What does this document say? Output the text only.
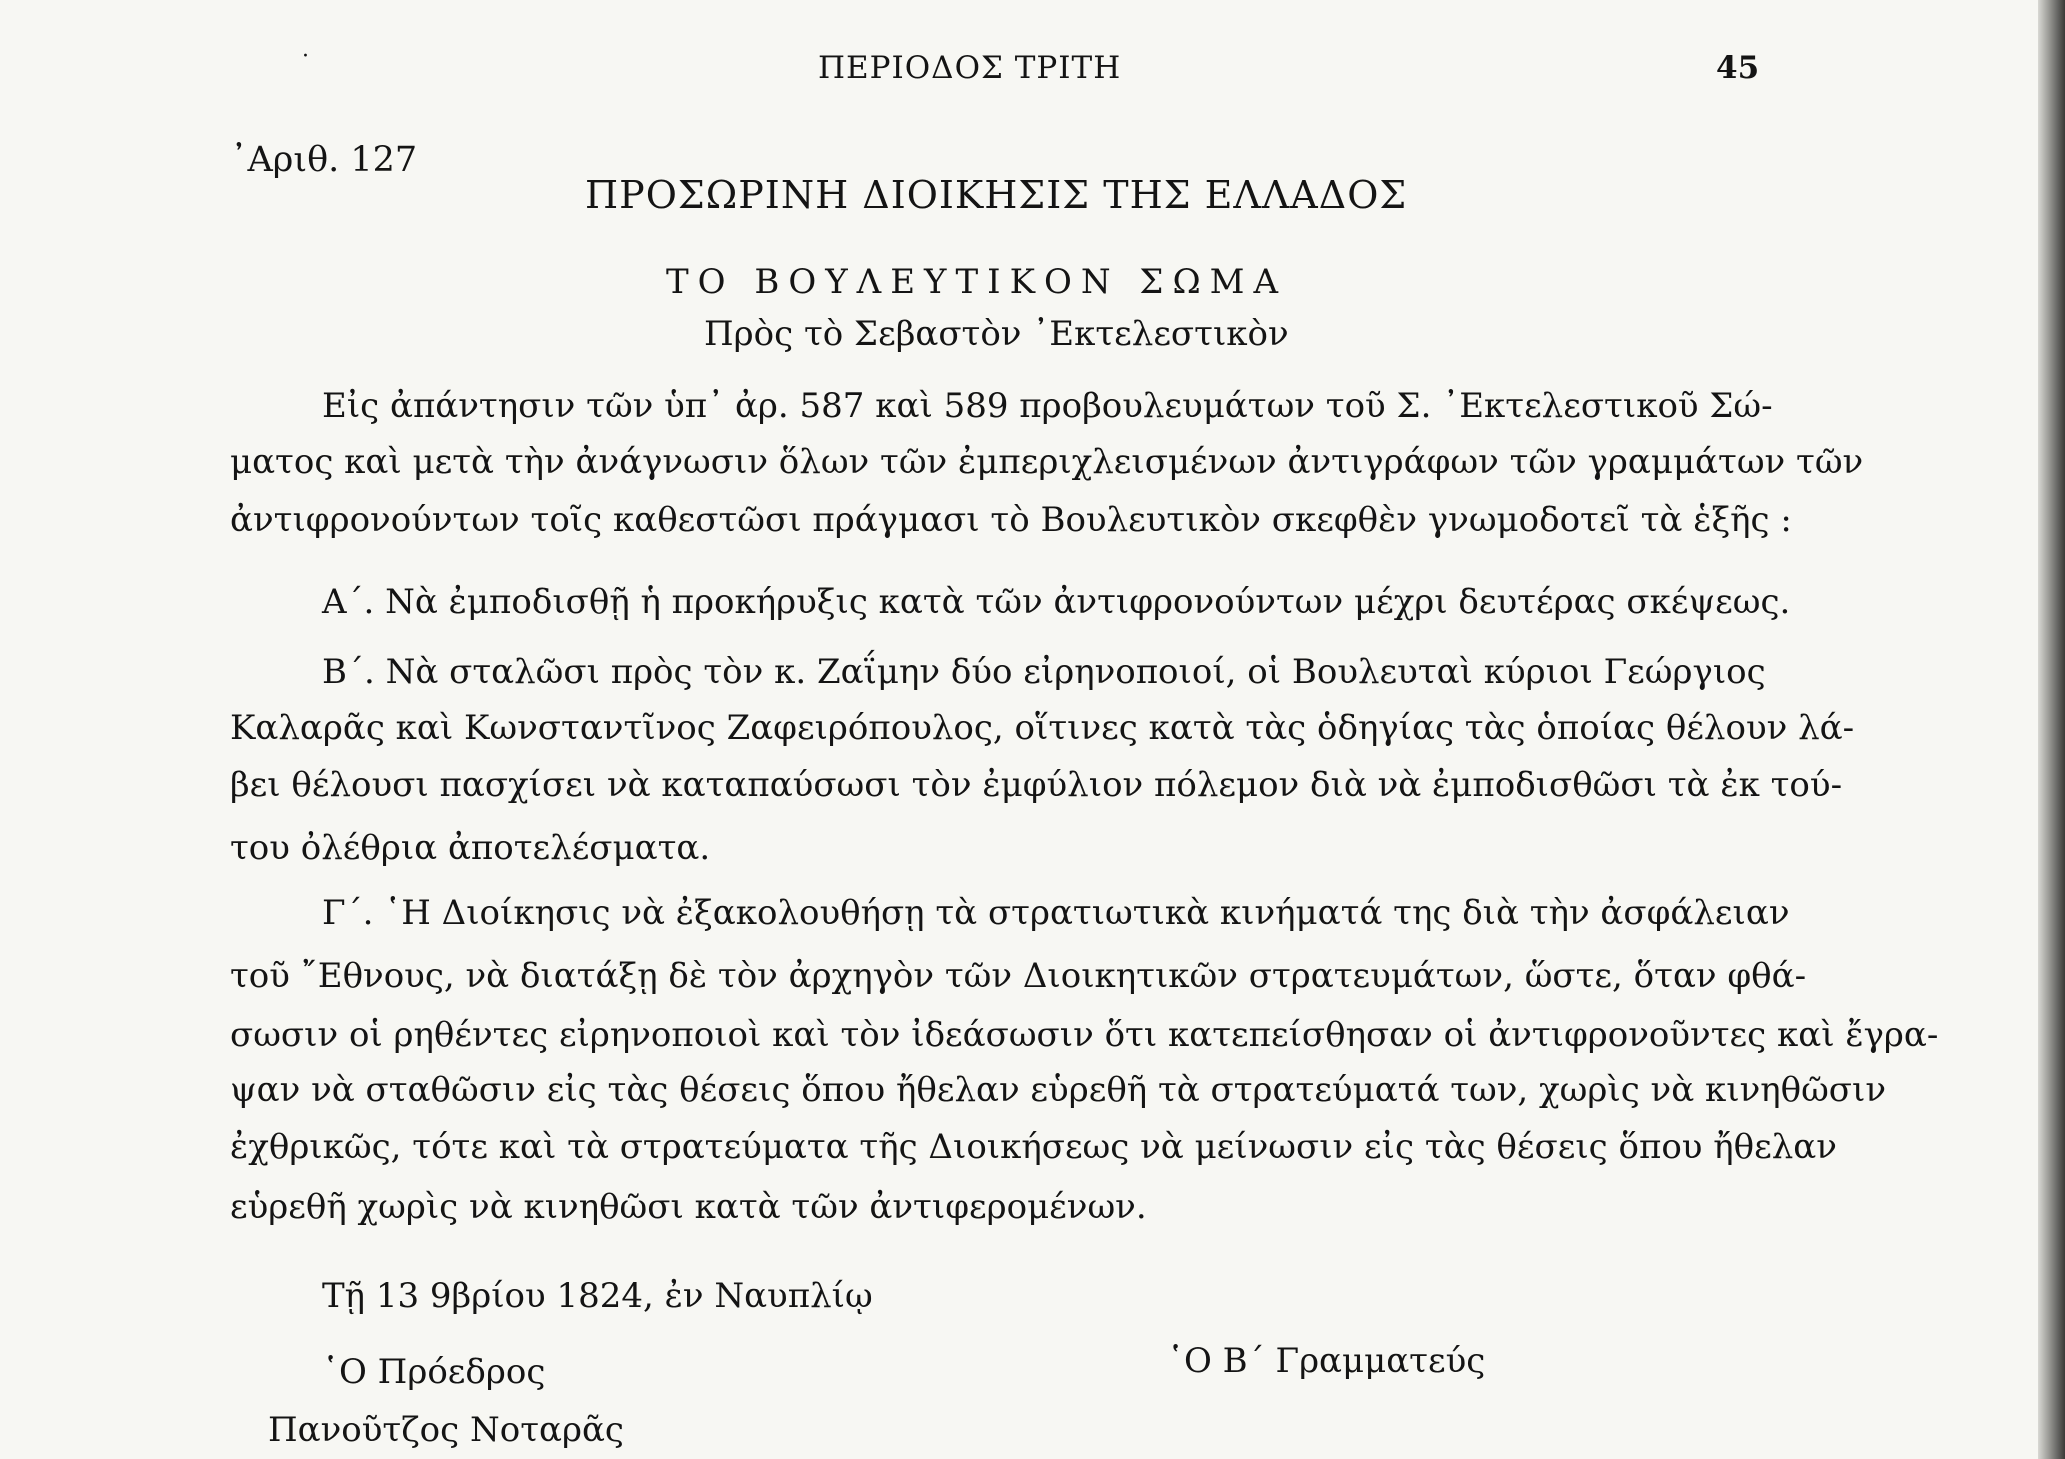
·	ΠΕΡΙΟΔΟΣ ΤΡΙΤΗ	45
᾿Αριθ. 127
ΠΡΟΣΩΡΙΝΗ ΔΙΟΙΚΗΣΙΣ ΤΗΣ ΕΛΛΑΔΟΣ
ΤΟ ΒΟΥΛΕΥΤΙΚΟΝ ΣΩΜΑ
Πρὸς τὸ Σεβαστὸν ᾿Εκτελεστικὸν
Εἰς ἀπάντησιν τῶν ὑπ᾿ ἀρ. 587 καὶ 589 προβουλευμάτων τοῦ Σ. ᾿Εκτελεστικοῦ Σώ-
ματος καὶ μετὰ τὴν ἀνάγνωσιν ὅλων τῶν ἐμπεριχλεισμένων ἀντιγράφων τῶν γραμμάτων τῶν
ἀντιφρονούντων τοῖς καθεστῶσι πράγμασι τὸ Βουλευτικὸν σκεφθὲν γνωμοδοτεῖ τὰ ἑξῆς :
Α΄. Νὰ ἐμποδισθῇ ἡ προκήρυξις κατὰ τῶν ἀντιφρονούντων μέχρι δευτέρας σκέψεως.
Β΄. Νὰ σταλῶσι πρὸς τὸν κ. Ζαΐμην δύο εἰρηνοποιοί, οἱ Βουλευταὶ κύριοι Γεώργιος
Καλαρᾶς καὶ Κωνσταντῖνος Ζαφειρόπουλος, οἵτινες κατὰ τὰς ὁδηγίας τὰς ὁποίας θέλουν λά-
βει θέλουσι πασχίσει νὰ καταπαύσωσι τὸν ἐμφύλιον πόλεμον διὰ νὰ ἐμποδισθῶσι τὰ ἐκ τού-
του ὀλέθρια ἀποτελέσματα.
Γ΄. ῾Η Διοίκησις νὰ ἐξακολουθήσῃ τὰ στρατιωτικὰ κινήματά της διὰ τὴν ἀσφάλειαν
τοῦ ῎Εθνους, νὰ διατάξῃ δὲ τὸν ἀρχηγὸν τῶν Διοικητικῶν στρατευμάτων, ὥστε, ὅταν φθά-
σωσιν οἱ ρηθέντες εἰρηνοποιοὶ καὶ τὸν ἰδεάσωσιν ὅτι κατεπείσθησαν οἱ ἀντιφρονοῦντες καὶ ἔγρα-
ψαν νὰ σταθῶσιν εἰς τὰς θέσεις ὅπου ἤθελαν εὑρεθῆ τὰ στρατεύματά των, χωρὶς νὰ κινηθῶσιν
ἐχθρικῶς, τότε καὶ τὰ στρατεύματα τῆς Διοικήσεως νὰ μείνωσιν εἰς τὰς θέσεις ὅπου ἤθελαν
εὑρεθῆ χωρὶς νὰ κινηθῶσι κατὰ τῶν ἀντιφερομένων.
Τῇ 13 9βρίου 1824, ἐν Ναυπλίῳ
῾Ο Πρόεδρος	῾Ο Β΄ Γραμματεύς
Πανοῦτζος Νοταρᾶς
